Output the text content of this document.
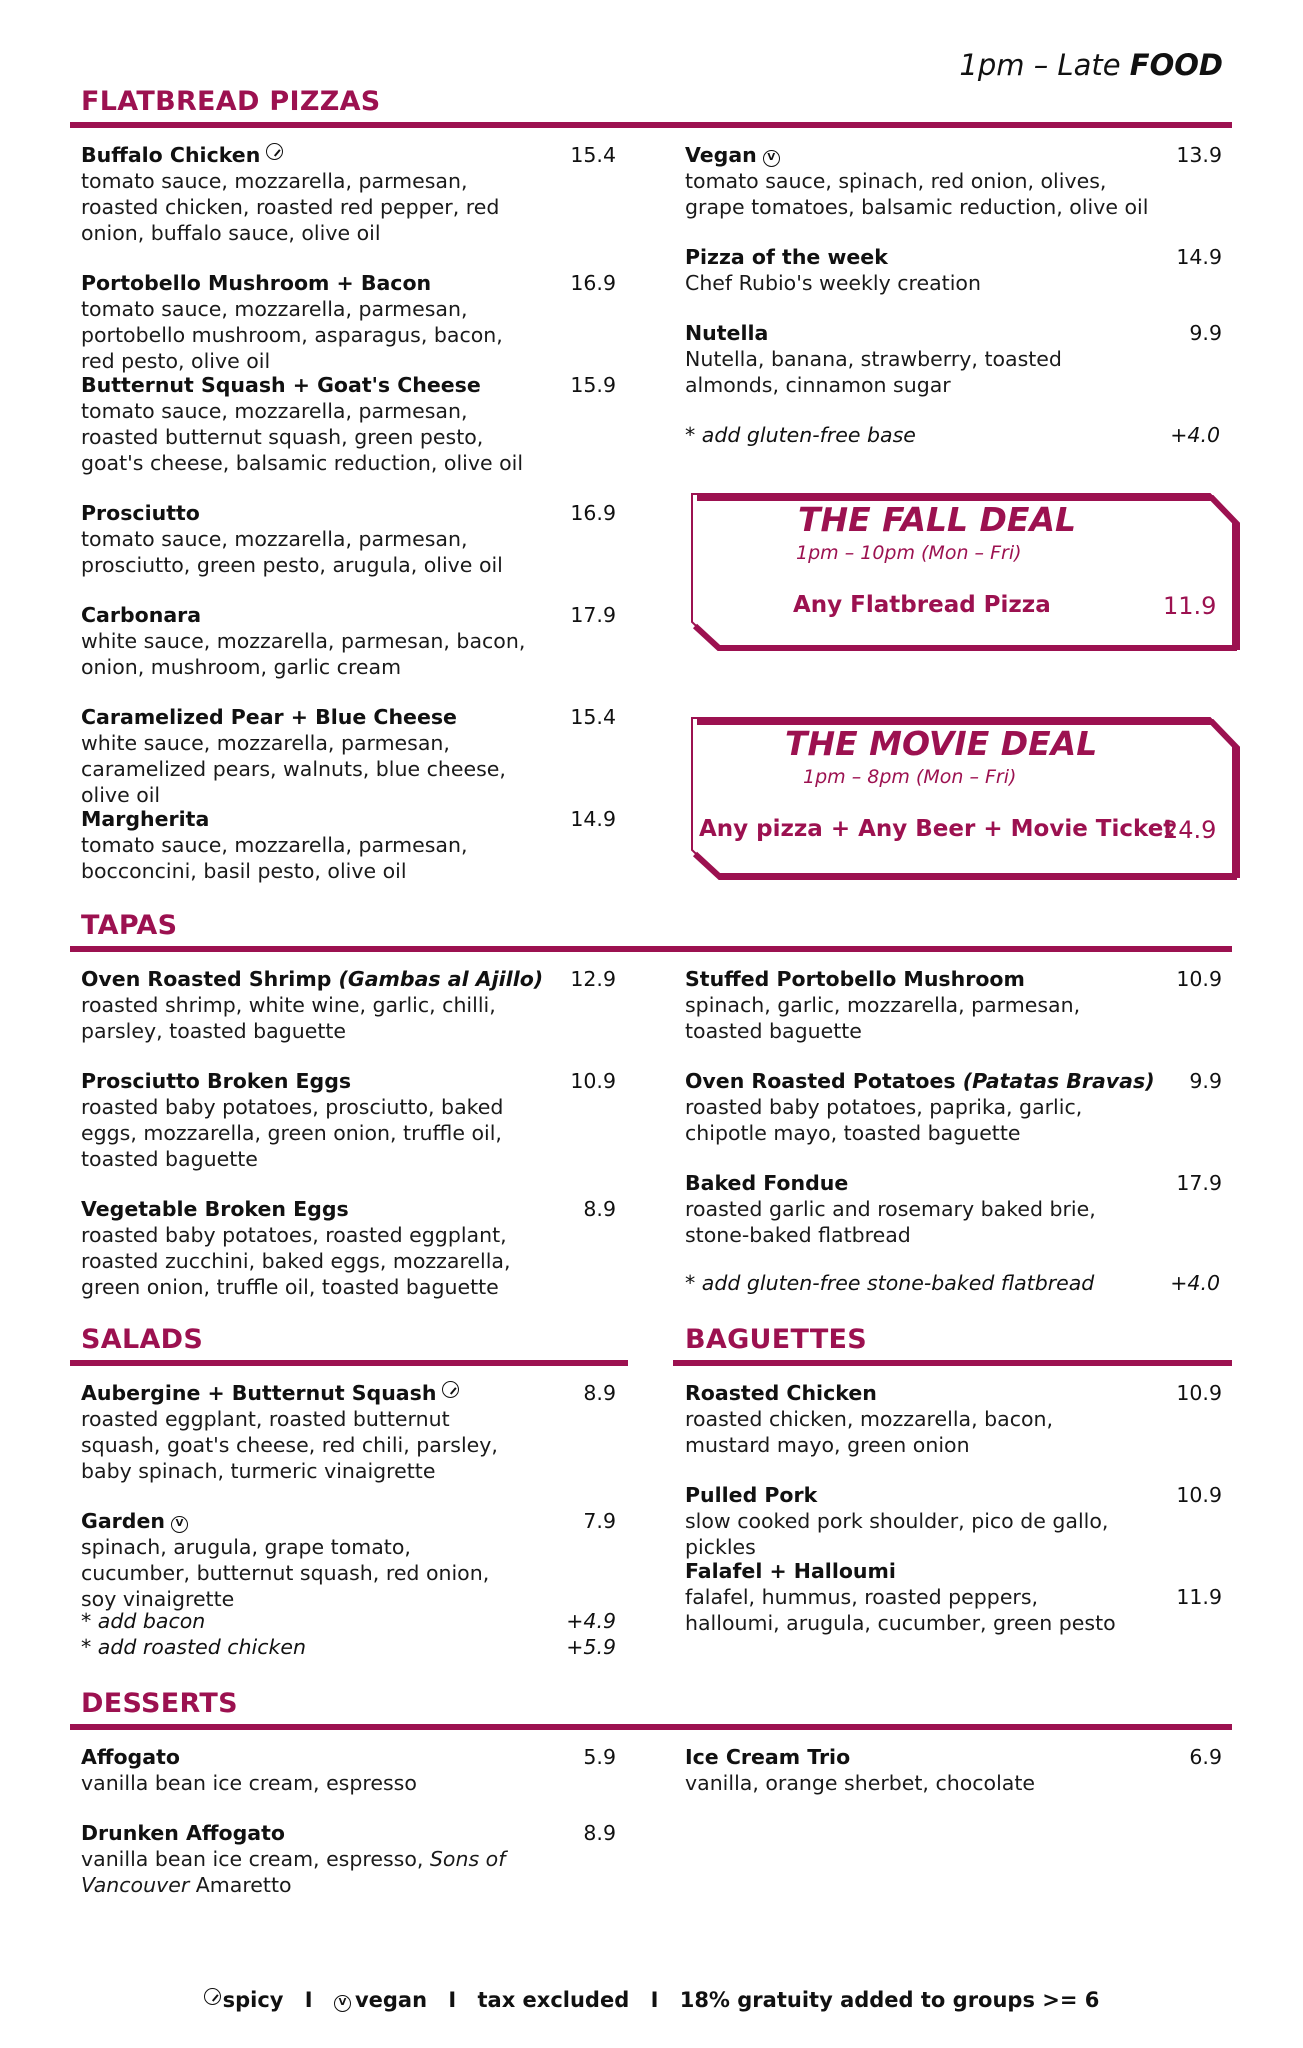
1pm – Late FOOD
FLATBREAD PIZZAS
Buffalo Chicken
tomato sauce, mozzarella, parmesan, roasted chicken, roasted red pepper, red onion, buffalo sauce, olive oil
15.4
Portobello Mushroom + Bacon
tomato sauce, mozzarella, parmesan, portobello mushroom, asparagus, bacon, red pesto, olive oil
16.9
Butternut Squash + Goat's Cheese
tomato sauce, mozzarella, parmesan, roasted butternut squash, green pesto, goat's cheese, balsamic reduction, olive oil
15.9
Prosciutto
tomato sauce, mozzarella, parmesan, prosciutto, green pesto, arugula, olive oil
16.9
Carbonara
white sauce, mozzarella, parmesan, bacon, onion, mushroom, garlic cream
17.9
Caramelized Pear + Blue Cheese
white sauce, mozzarella, parmesan, caramelized pears, walnuts, blue cheese, olive oil
15.4
Margherita
tomato sauce, mozzarella, parmesan, bocconcini, basil pesto, olive oil
14.9
Vegan V
tomato sauce, spinach, red onion, olives, grape tomatoes, balsamic reduction, olive oil
13.9
Pizza of the week
Chef Rubio's weekly creation
14.9
Nutella
Nutella, banana, strawberry, toasted almonds, cinnamon sugar
9.9
* add gluten-free base	+4.0
THE FALL DEAL
1pm – 10pm (Mon – Fri)
Any Flatbread Pizza	11.9
THE MOVIE DEAL
1pm – 8pm (Mon – Fri)
Any pizza + Any Beer + Movie Ticket
24.9
TAPAS
Oven Roasted Shrimp (Gambas al Ajillo)
roasted shrimp, white wine, garlic, chilli, parsley, toasted baguette
12.9
Prosciutto Broken Eggs
roasted baby potatoes, prosciutto, baked eggs, mozzarella, green onion, truffle oil, toasted baguette
10.9
Vegetable Broken Eggs
roasted baby potatoes, roasted eggplant, roasted zucchini, baked eggs, mozzarella, green onion, truffle oil, toasted baguette
8.9
Stuffed Portobello Mushroom
spinach, garlic, mozzarella, parmesan, toasted baguette
10.9
Oven Roasted Potatoes (Patatas Bravas)
roasted baby potatoes, paprika, garlic, chipotle mayo, toasted baguette
9.9
Baked Fondue
roasted garlic and rosemary baked brie, stone-baked flatbread
17.9
* add gluten-free stone-baked flatbread	+4.0
SALADS
Aubergine + Butternut Squash
roasted eggplant, roasted butternut squash, goat's cheese, red chili, parsley, baby spinach, turmeric vinaigrette
8.9
Garden V
spinach, arugula, grape tomato, cucumber, butternut squash, red onion, soy vinaigrette
7.9
* add bacon	+4.9
* add roasted chicken	+5.9
BAGUETTES
Roasted Chicken
roasted chicken, mozzarella, bacon, mustard mayo, green onion
10.9
Pulled Pork
slow cooked pork shoulder, pico de gallo, pickles
10.9
Falafel + Halloumi
falafel, hummus, roasted peppers, halloumi, arugula, cucumber, green pesto
11.9
DESSERTS
Affogato
vanilla bean ice cream, espresso
5.9
Drunken Affogato
vanilla bean ice cream, espresso, Sons of Vancouver Amaretto
8.9
Ice Cream Trio
vanilla, orange sherbet, chocolate
6.9
spicy I	V vegan I tax excluded I 18% gratuity added to groups >= 6
